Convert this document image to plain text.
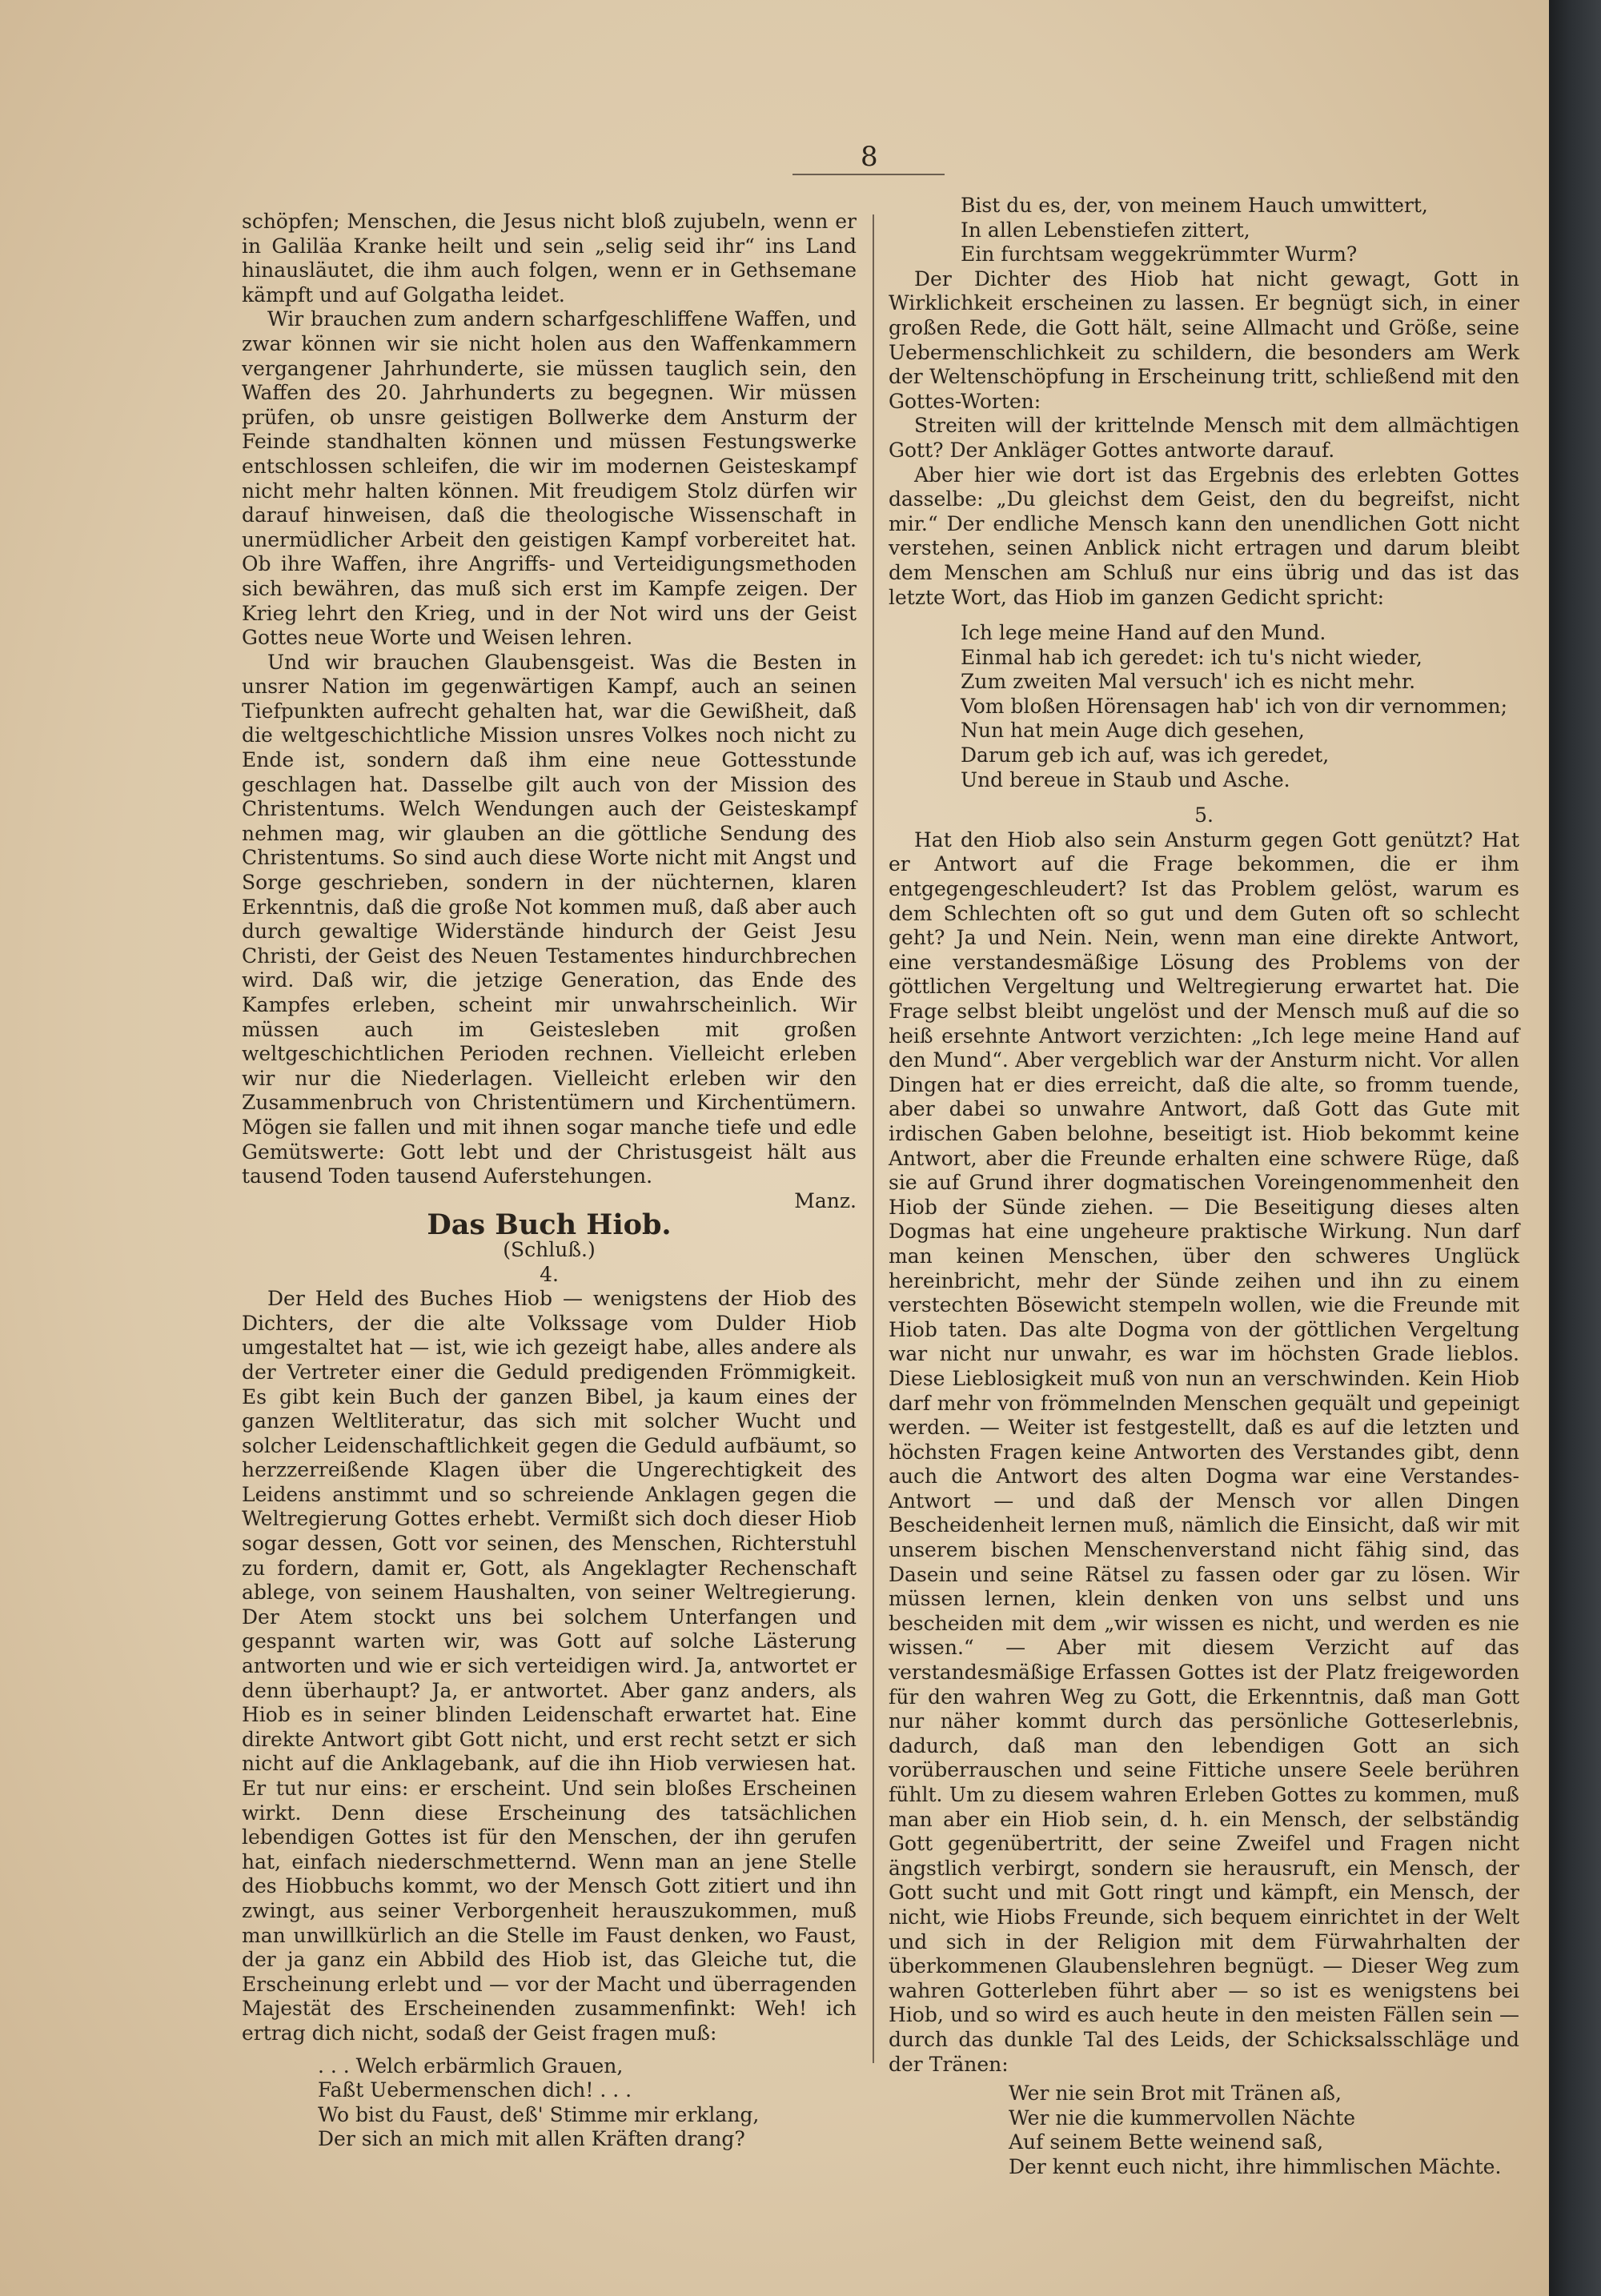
8

schöpfen; Menschen, die Jesus nicht bloß zujubeln, wenn er in Galiläa Kranke heilt und sein „selig seid ihr“ ins Land hinausläutet, die ihm auch folgen, wenn er in Gethsemane kämpft und auf Golgatha leidet.

Wir brauchen zum andern scharfgeschliffene Waffen, und zwar können wir sie nicht holen aus den Waffenkammern vergangener Jahrhunderte, sie müssen tauglich sein, den Waffen des 20. Jahrhunderts zu begegnen. Wir müssen prüfen, ob unsre geistigen Bollwerke dem Ansturm der Feinde standhalten können und müssen Festungswerke entschlossen schleifen, die wir im modernen Geisteskampf nicht mehr halten können. Mit freudigem Stolz dürfen wir darauf hinweisen, daß die theologische Wissenschaft in unermüdlicher Arbeit den geistigen Kampf vorbereitet hat. Ob ihre Waffen, ihre Angriffs- und Verteidigungsmethoden sich bewähren, das muß sich erst im Kampfe zeigen. Der Krieg lehrt den Krieg, und in der Not wird uns der Geist Gottes neue Worte und Weisen lehren.

Und wir brauchen Glaubensgeist. Was die Besten in unsrer Nation im gegenwärtigen Kampf, auch an seinen Tiefpunkten aufrecht gehalten hat, war die Gewißheit, daß die weltgeschichtliche Mission unsres Volkes noch nicht zu Ende ist, sondern daß ihm eine neue Gottesstunde geschlagen hat. Dasselbe gilt auch von der Mission des Christentums. Welch Wendungen auch der Geisteskampf nehmen mag, wir glauben an die göttliche Sendung des Christentums. So sind auch diese Worte nicht mit Angst und Sorge geschrieben, sondern in der nüchternen, klaren Erkenntnis, daß die große Not kommen muß, daß aber auch durch gewaltige Widerstände hindurch der Geist Jesu Christi, der Geist des Neuen Testamentes hindurchbrechen wird. Daß wir, die jetzige Generation, das Ende des Kampfes erleben, scheint mir unwahrscheinlich. Wir müssen auch im Geistesleben mit großen weltgeschichtlichen Perioden rechnen. Vielleicht erleben wir nur die Niederlagen. Vielleicht erleben wir den Zusammenbruch von Christentümern und Kirchentümern. Mögen sie fallen und mit ihnen sogar manche tiefe und edle Gemütswerte: Gott lebt und der Christusgeist hält aus tausend Toden tausend Auferstehungen.

Manz.

Das Buch Hiob.

(Schluß.)

4.

Der Held des Buches Hiob — wenigstens der Hiob des Dichters, der die alte Volkssage vom Dulder Hiob umgestaltet hat — ist, wie ich gezeigt habe, alles andere als der Vertreter einer die Geduld predigenden Frömmigkeit. Es gibt kein Buch der ganzen Bibel, ja kaum eines der ganzen Weltliteratur, das sich mit solcher Wucht und solcher Leidenschaftlichkeit gegen die Geduld aufbäumt, so herzzerreißende Klagen über die Ungerechtigkeit des Leidens anstimmt und so schreiende Anklagen gegen die Weltregierung Gottes erhebt. Vermißt sich doch dieser Hiob sogar dessen, Gott vor seinen, des Menschen, Richterstuhl zu fordern, damit er, Gott, als Angeklagter Rechenschaft ablege, von seinem Haushalten, von seiner Weltregierung. Der Atem stockt uns bei solchem Unterfangen und gespannt warten wir, was Gott auf solche Lästerung antworten und wie er sich verteidigen wird. Ja, antwortet er denn überhaupt? Ja, er antwortet. Aber ganz anders, als Hiob es in seiner blinden Leidenschaft erwartet hat. Eine direkte Antwort gibt Gott nicht, und erst recht setzt er sich nicht auf die Anklagebank, auf die ihn Hiob verwiesen hat. Er tut nur eins: er erscheint. Und sein bloßes Erscheinen wirkt. Denn diese Erscheinung des tatsächlichen lebendigen Gottes ist für den Menschen, der ihn gerufen hat, einfach niederschmetternd. Wenn man an jene Stelle des Hiobbuchs kommt, wo der Mensch Gott zitiert und ihn zwingt, aus seiner Verborgenheit herauszukommen, muß man unwillkürlich an die Stelle im Faust denken, wo Faust, der ja ganz ein Abbild des Hiob ist, das Gleiche tut, die Erscheinung erlebt und — vor der Macht und überragenden Majestät des Erscheinenden zusammenfinkt: Weh! ich ertrag dich nicht, sodaß der Geist fragen muß:

. . . Welch erbärmlich Grauen,
Faßt Uebermenschen dich! . . .
Wo bist du Faust, deß' Stimme mir erklang,
Der sich an mich mit allen Kräften drang?
Bist du es, der, von meinem Hauch umwittert,
In allen Lebenstiefen zittert,
Ein furchtsam weggekrümmter Wurm?

Der Dichter des Hiob hat nicht gewagt, Gott in Wirklichkeit erscheinen zu lassen. Er begnügt sich, in einer großen Rede, die Gott hält, seine Allmacht und Größe, seine Uebermenschlichkeit zu schildern, die besonders am Werk der Weltenschöpfung in Erscheinung tritt, schließend mit den Gottes-Worten:

Streiten will der krittelnde Mensch mit dem allmächtigen Gott? Der Ankläger Gottes antworte darauf.

Aber hier wie dort ist das Ergebnis des erlebten Gottes dasselbe: „Du gleichst dem Geist, den du begreifst, nicht mir.“ Der endliche Mensch kann den unendlichen Gott nicht verstehen, seinen Anblick nicht ertragen und darum bleibt dem Menschen am Schluß nur eins übrig und das ist das letzte Wort, das Hiob im ganzen Gedicht spricht:

Ich lege meine Hand auf den Mund.
Einmal hab ich geredet: ich tu's nicht wieder,
Zum zweiten Mal versuch' ich es nicht mehr.
Vom bloßen Hörensagen hab' ich von dir vernommen;
Nun hat mein Auge dich gesehen,
Darum geb ich auf, was ich geredet,
Und bereue in Staub und Asche.

5.

Hat den Hiob also sein Ansturm gegen Gott genützt? Hat er Antwort auf die Frage bekommen, die er ihm entgegengeschleudert? Ist das Problem gelöst, warum es dem Schlechten oft so gut und dem Guten oft so schlecht geht? Ja und Nein. Nein, wenn man eine direkte Antwort, eine verstandesmäßige Lösung des Problems von der göttlichen Vergeltung und Weltregierung erwartet hat. Die Frage selbst bleibt ungelöst und der Mensch muß auf die so heiß ersehnte Antwort verzichten: „Ich lege meine Hand auf den Mund“. Aber vergeblich war der Ansturm nicht. Vor allen Dingen hat er dies erreicht, daß die alte, so fromm tuende, aber dabei so unwahre Antwort, daß Gott das Gute mit irdischen Gaben belohne, beseitigt ist. Hiob bekommt keine Antwort, aber die Freunde erhalten eine schwere Rüge, daß sie auf Grund ihrer dogmatischen Voreingenommenheit den Hiob der Sünde ziehen. — Die Beseitigung dieses alten Dogmas hat eine ungeheure praktische Wirkung. Nun darf man keinen Menschen, über den schweres Unglück hereinbricht, mehr der Sünde zeihen und ihn zu einem verstechten Bösewicht stempeln wollen, wie die Freunde mit Hiob taten. Das alte Dogma von der göttlichen Vergeltung war nicht nur unwahr, es war im höchsten Grade lieblos. Diese Lieblosigkeit muß von nun an verschwinden. Kein Hiob darf mehr von frömmelnden Menschen gequält und gepeinigt werden. — Weiter ist festgestellt, daß es auf die letzten und höchsten Fragen keine Antworten des Verstandes gibt, denn auch die Antwort des alten Dogma war eine Verstandes-Antwort — und daß der Mensch vor allen Dingen Bescheidenheit lernen muß, nämlich die Einsicht, daß wir mit unserem bischen Menschenverstand nicht fähig sind, das Dasein und seine Rätsel zu fassen oder gar zu lösen. Wir müssen lernen, klein denken von uns selbst und uns bescheiden mit dem „wir wissen es nicht, und werden es nie wissen.“ — Aber mit diesem Verzicht auf das verstandesmäßige Erfassen Gottes ist der Platz freigeworden für den wahren Weg zu Gott, die Erkenntnis, daß man Gott nur näher kommt durch das persönliche Gotteserlebnis, dadurch, daß man den lebendigen Gott an sich vorüberrauschen und seine Fittiche unsere Seele berühren fühlt. Um zu diesem wahren Erleben Gottes zu kommen, muß man aber ein Hiob sein, d. h. ein Mensch, der selbständig Gott gegenübertritt, der seine Zweifel und Fragen nicht ängstlich verbirgt, sondern sie herausruft, ein Mensch, der Gott sucht und mit Gott ringt und kämpft, ein Mensch, der nicht, wie Hiobs Freunde, sich bequem einrichtet in der Welt und sich in der Religion mit dem Fürwahrhalten der überkommenen Glaubenslehren begnügt. — Dieser Weg zum wahren Gotterleben führt aber — so ist es wenigstens bei Hiob, und so wird es auch heute in den meisten Fällen sein — durch das dunkle Tal des Leids, der Schicksalsschläge und der Tränen:

Wer nie sein Brot mit Tränen aß,
Wer nie die kummervollen Nächte
Auf seinem Bette weinend saß,
Der kennt euch nicht, ihre himmlischen Mächte.
